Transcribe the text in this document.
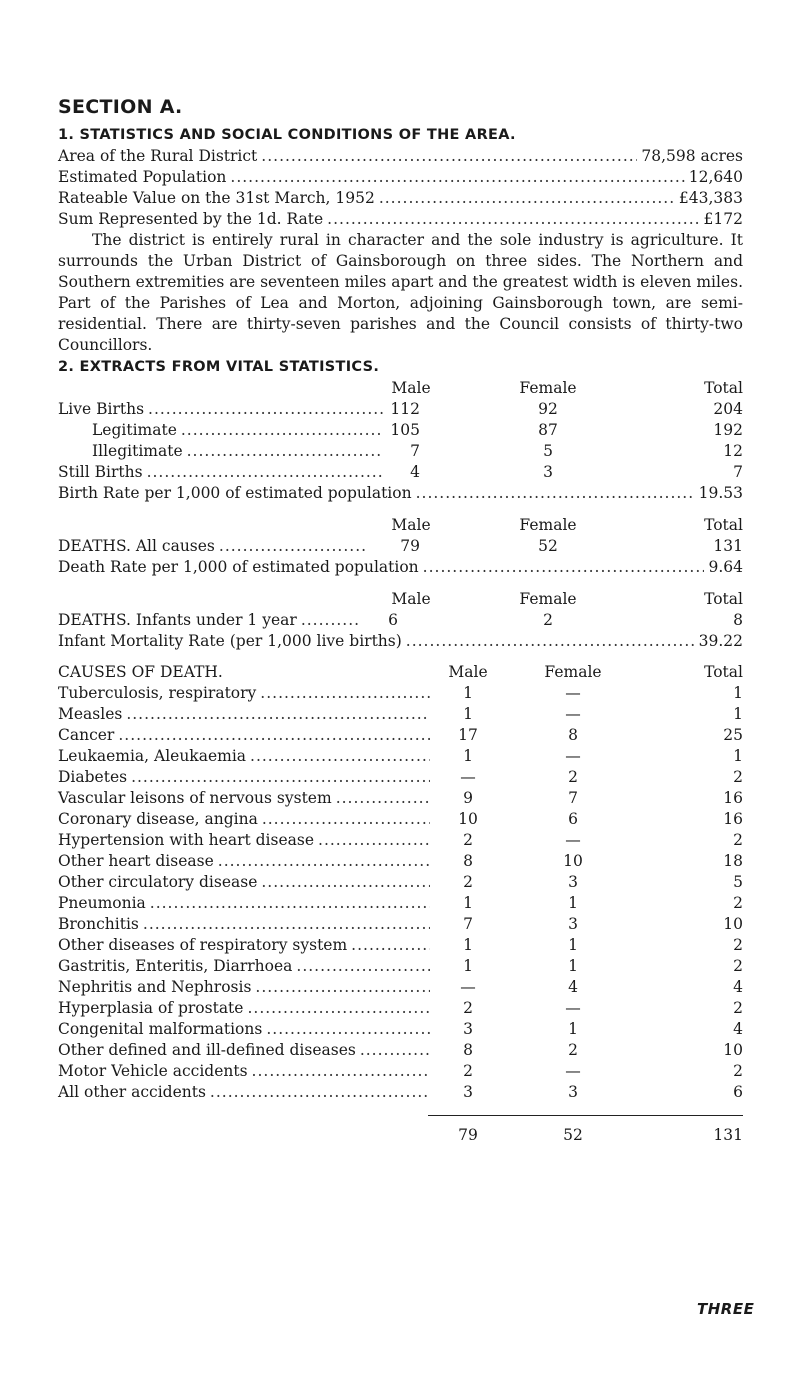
SECTION A.
1. STATISTICS AND SOCIAL CONDITIONS OF THE AREA.
Area of the Rural District .....	78,598 acres
Estimated Population .....	12,640
Rateable Value on the 31st March, 1952 .....	£43,383
Sum Represented by the 1d. Rate .....	£172

The district is entirely rural in character and the sole industry is agriculture. It surrounds the Urban District of Gainsborough on three sides. The Northern and Southern extremities are seventeen miles apart and the greatest width is eleven miles. Part of the Parishes of Lea and Morton, adjoining Gainsborough town, are semi-residential. There are thirty-seven parishes and the Council consists of thirty-two Councillors.

2. EXTRACTS FROM VITAL STATISTICS.
Male	Female	Total
Live Births .....	112	92	204
Legitimate .....	105	87	192
Illegitimate .....	7	5	12
Still Births .....	4	3	7
Birth Rate per 1,000 of estimated population .....	19.53
Male	Female	Total
DEATHS. All causes .....	79	52	131
Death Rate per 1,000 of estimated population .....	9.64
Male	Female	Total
DEATHS. Infants under 1 year .....	6	2	8
Infant Mortality Rate (per 1,000 live births) .....	39.22
CAUSES OF DEATH.	Male	Female	Total
Tuberculosis, respiratory .....	1	—	1
Measles .....	1	—	1
Cancer .....	17	8	25
Leukaemia, Aleukaemia .....	1	—	1
Diabetes .....	—	2	2
Vascular leisons of nervous system .....	9	7	16
Coronary disease, angina .....	10	6	16
Hypertension with heart disease .....	2	—	2
Other heart disease .....	8	10	18
Other circulatory disease .....	2	3	5
Pneumonia .....	1	1	2
Bronchitis .....	7	3	10
Other diseases of respiratory system .....	1	1	2
Gastritis, Enteritis, Diarrhoea .....	1	1	2
Nephritis and Nephrosis .....	—	4	4
Hyperplasia of prostate .....	2	—	2
Congenital malformations .....	3	1	4
Other defined and ill-defined diseases .....	8	2	10
Motor Vehicle accidents .....	2	—	2
All other accidents .....	3	3	6
79	52	131
THREE
